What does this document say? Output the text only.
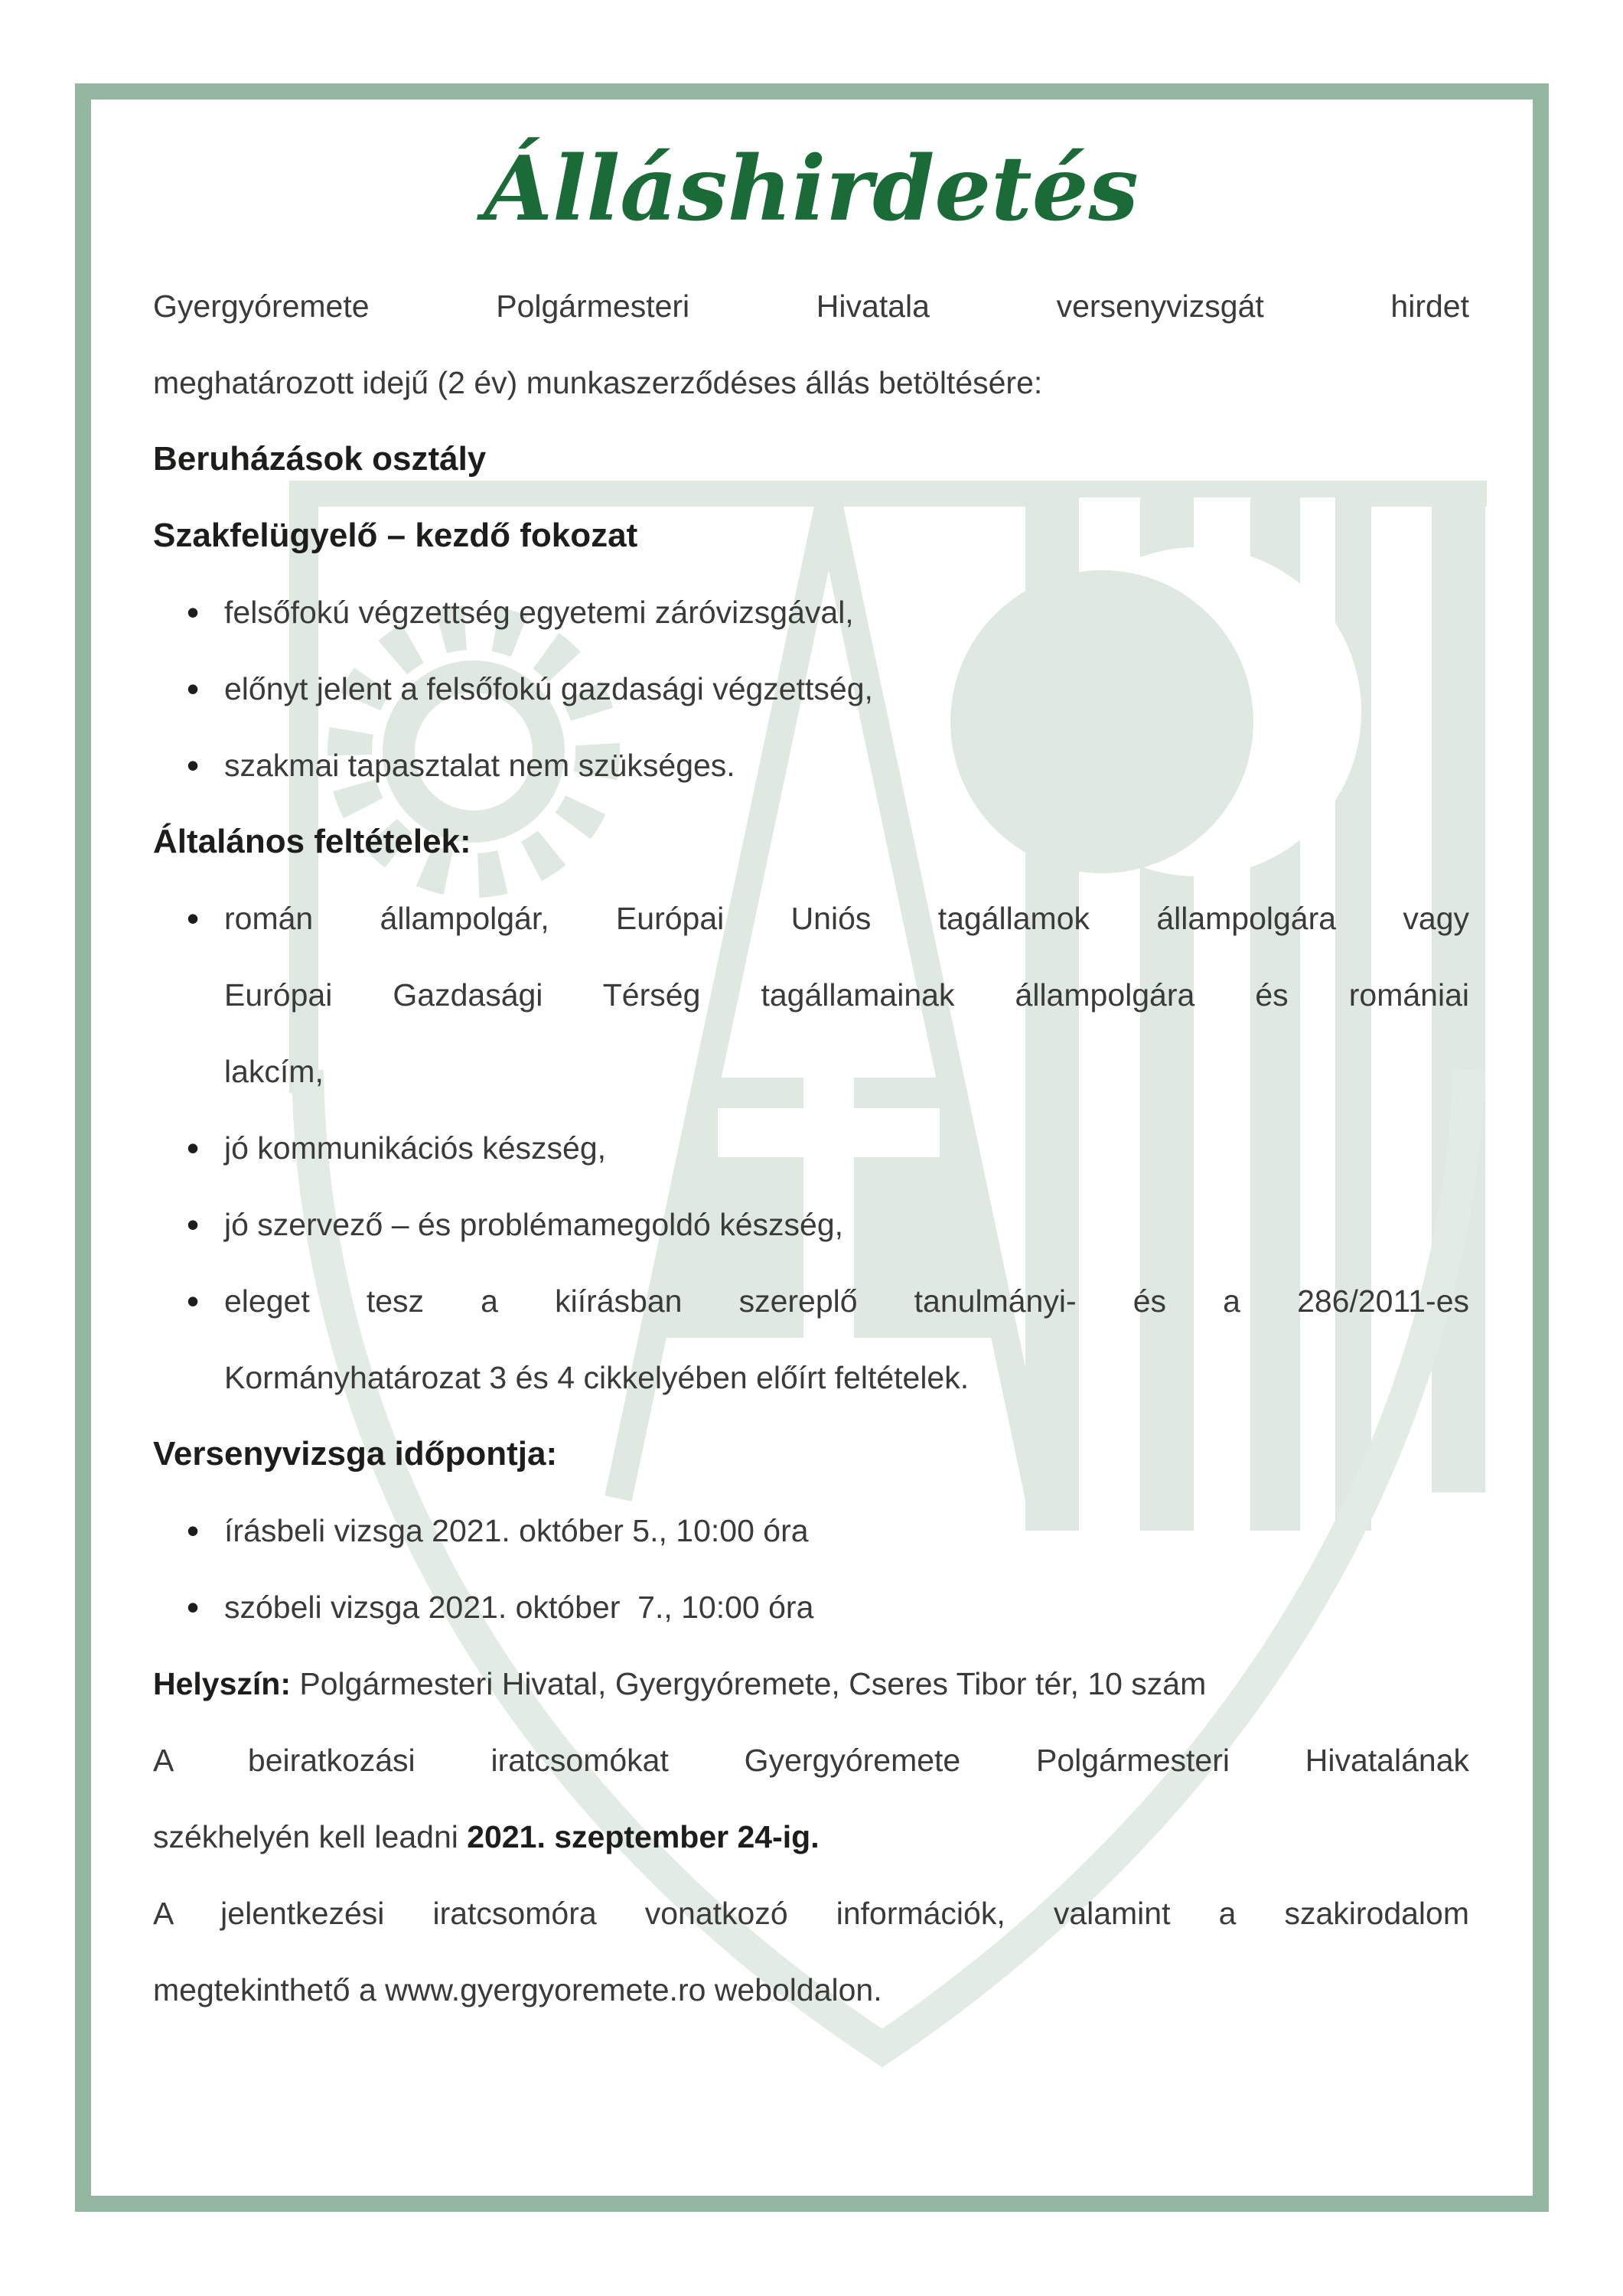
Álláshirdetés

Gyergyóremete Polgármesteri Hivatala versenyvizsgát hirdet

meghatározott idejű (2 év) munkaszerződéses állás betöltésére:

Beruházások osztály
Szakfelügyelő – kezdő fokozat
• felsőfokú végzettség egyetemi záróvizsgával,
• előnyt jelent a felsőfokú gazdasági végzettség,
• szakmai tapasztalat nem szükséges.
Általános feltételek:
• román állampolgár, Európai Uniós tagállamok állampolgára vagy
Európai Gazdasági Térség tagállamainak állampolgára és romániai
lakcím,
• jó kommunikációs készség,
• jó szervező – és problémamegoldó készség,
• eleget tesz a kiírásban szereplő tanulmányi- és a 286/2011-es
Kormányhatározat 3 és 4 cikkelyében előírt feltételek.
Versenyvizsga időpontja:
• írásbeli vizsga 2021. október 5., 10:00 óra
• szóbeli vizsga 2021. október  7., 10:00 óra

Helyszín: Polgármesteri Hivatal, Gyergyóremete, Cseres Tibor tér, 10 szám

A beiratkozási iratcsomókat Gyergyóremete Polgármesteri Hivatalának

székhelyén kell leadni 2021. szeptember 24-ig.

A jelentkezési iratcsomóra vonatkozó információk, valamint a szakirodalom

megtekinthető a www.gyergyoremete.ro weboldalon.
